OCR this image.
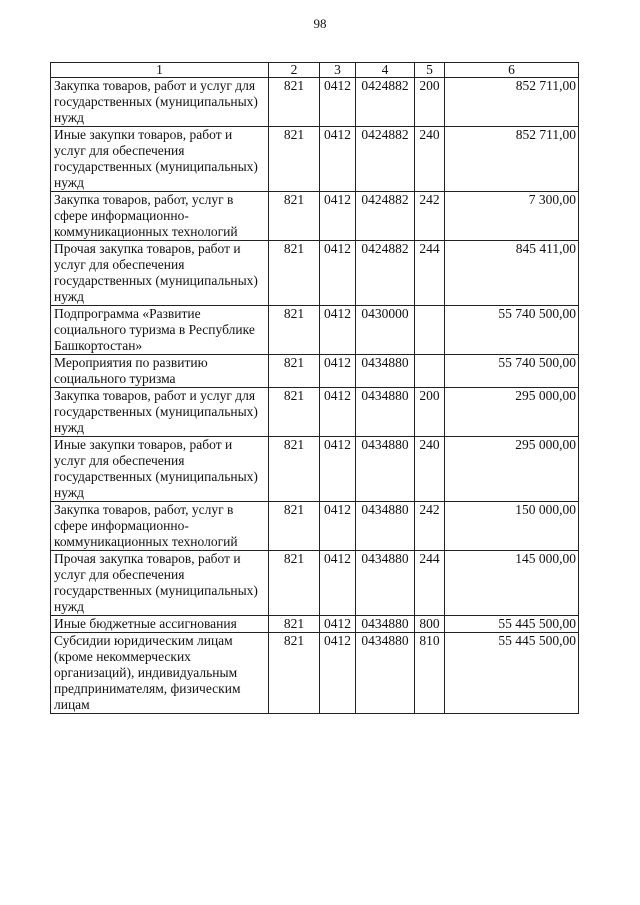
98
1	2	3	4	5	6
Закупка товаров, работ и услуг для государственных (муниципальных) нужд	821	0412	0424882	200	852 711,00
Иные закупки товаров, работ и услуг для обеспечения государственных (муниципальных) нужд	821	0412	0424882	240	852 711,00
Закупка товаров, работ, услуг в сфере информационно-коммуникационных технологий	821	0412	0424882	242	7 300,00
Прочая закупка товаров, работ и услуг для обеспечения государственных (муниципальных) нужд	821	0412	0424882	244	845 411,00
Подпрограмма «Развитие социального туризма в Республике Башкортостан»	821	0412	0430000		55 740 500,00
Мероприятия по развитию социального туризма	821	0412	0434880		55 740 500,00
Закупка товаров, работ и услуг для государственных (муниципальных) нужд	821	0412	0434880	200	295 000,00
Иные закупки товаров, работ и услуг для обеспечения государственных (муниципальных) нужд	821	0412	0434880	240	295 000,00
Закупка товаров, работ, услуг в сфере информационно-коммуникационных технологий	821	0412	0434880	242	150 000,00
Прочая закупка товаров, работ и услуг для обеспечения государственных (муниципальных) нужд	821	0412	0434880	244	145 000,00
Иные бюджетные ассигнования	821	0412	0434880	800	55 445 500,00
Субсидии юридическим лицам (кроме некоммерческих организаций), индивидуальным предпринимателям, физическим лицам	821	0412	0434880	810	55 445 500,00
